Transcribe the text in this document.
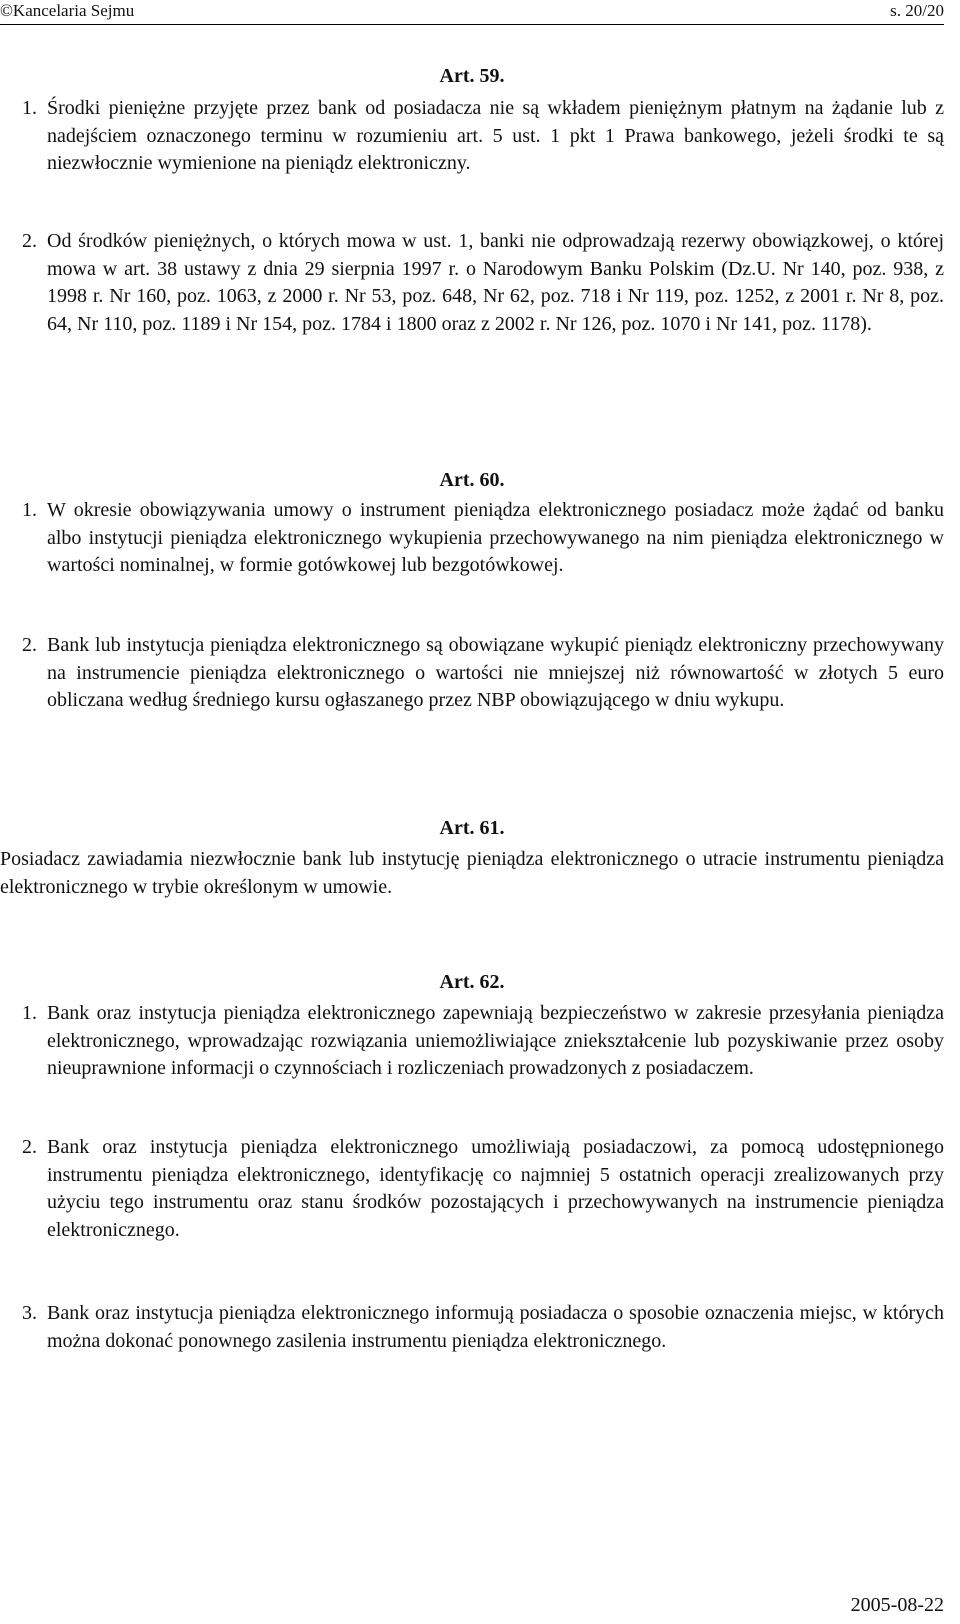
©Kancelaria Sejmu	s. 20/20
Art. 59.
1. Środki pieniężne przyjęte przez bank od posiadacza nie są wkładem pieniężnym płatnym na żądanie lub z nadejściem oznaczonego terminu w rozumieniu art. 5 ust. 1 pkt 1 Prawa bankowego, jeżeli środki te są niezwłocznie wymienione na pieniądz elektroniczny.
2. Od środków pieniężnych, o których mowa w ust. 1, banki nie odprowadzają rezerwy obowiązkowej, o której mowa w art. 38 ustawy z dnia 29 sierpnia 1997 r. o Narodowym Banku Polskim (Dz.U. Nr 140, poz. 938, z 1998 r. Nr 160, poz. 1063, z 2000 r. Nr 53, poz. 648, Nr 62, poz. 718 i Nr 119, poz. 1252, z 2001 r. Nr 8, poz. 64, Nr 110, poz. 1189 i Nr 154, poz. 1784 i 1800 oraz z 2002 r. Nr 126, poz. 1070 i Nr 141, poz. 1178).
Art. 60.
1. W okresie obowiązywania umowy o instrument pieniądza elektronicznego posiadacz może żądać od banku albo instytucji pieniądza elektronicznego wykupienia przechowywanego na nim pieniądza elektronicznego w wartości nominalnej, w formie gotówkowej lub bezgotówkowej.
2. Bank lub instytucja pieniądza elektronicznego są obowiązane wykupić pieniądz elektroniczny przechowywany na instrumencie pieniądza elektronicznego o wartości nie mniejszej niż równowartość w złotych 5 euro obliczana według średniego kursu ogłaszanego przez NBP obowiązującego w dniu wykupu.
Art. 61.
Posiadacz zawiadamia niezwłocznie bank lub instytucję pieniądza elektronicznego o utracie instrumentu pieniądza elektronicznego w trybie określonym w umowie.
Art. 62.
1. Bank oraz instytucja pieniądza elektronicznego zapewniają bezpieczeństwo w zakresie przesyłania pieniądza elektronicznego, wprowadzając rozwiązania uniemożliwiające zniekształcenie lub pozyskiwanie przez osoby nieuprawnione informacji o czynnościach i rozliczeniach prowadzonych z posiadaczem.
2. Bank oraz instytucja pieniądza elektronicznego umożliwiają posiadaczowi, za pomocą udostępnionego instrumentu pieniądza elektronicznego, identyfikację co najmniej 5 ostatnich operacji zrealizowanych przy użyciu tego instrumentu oraz stanu środków pozostających i przechowywanych na instrumencie pieniądza elektronicznego.
3. Bank oraz instytucja pieniądza elektronicznego informują posiadacza o sposobie oznaczenia miejsc, w których można dokonać ponownego zasilenia instrumentu pieniądza elektronicznego.
2005-08-22
